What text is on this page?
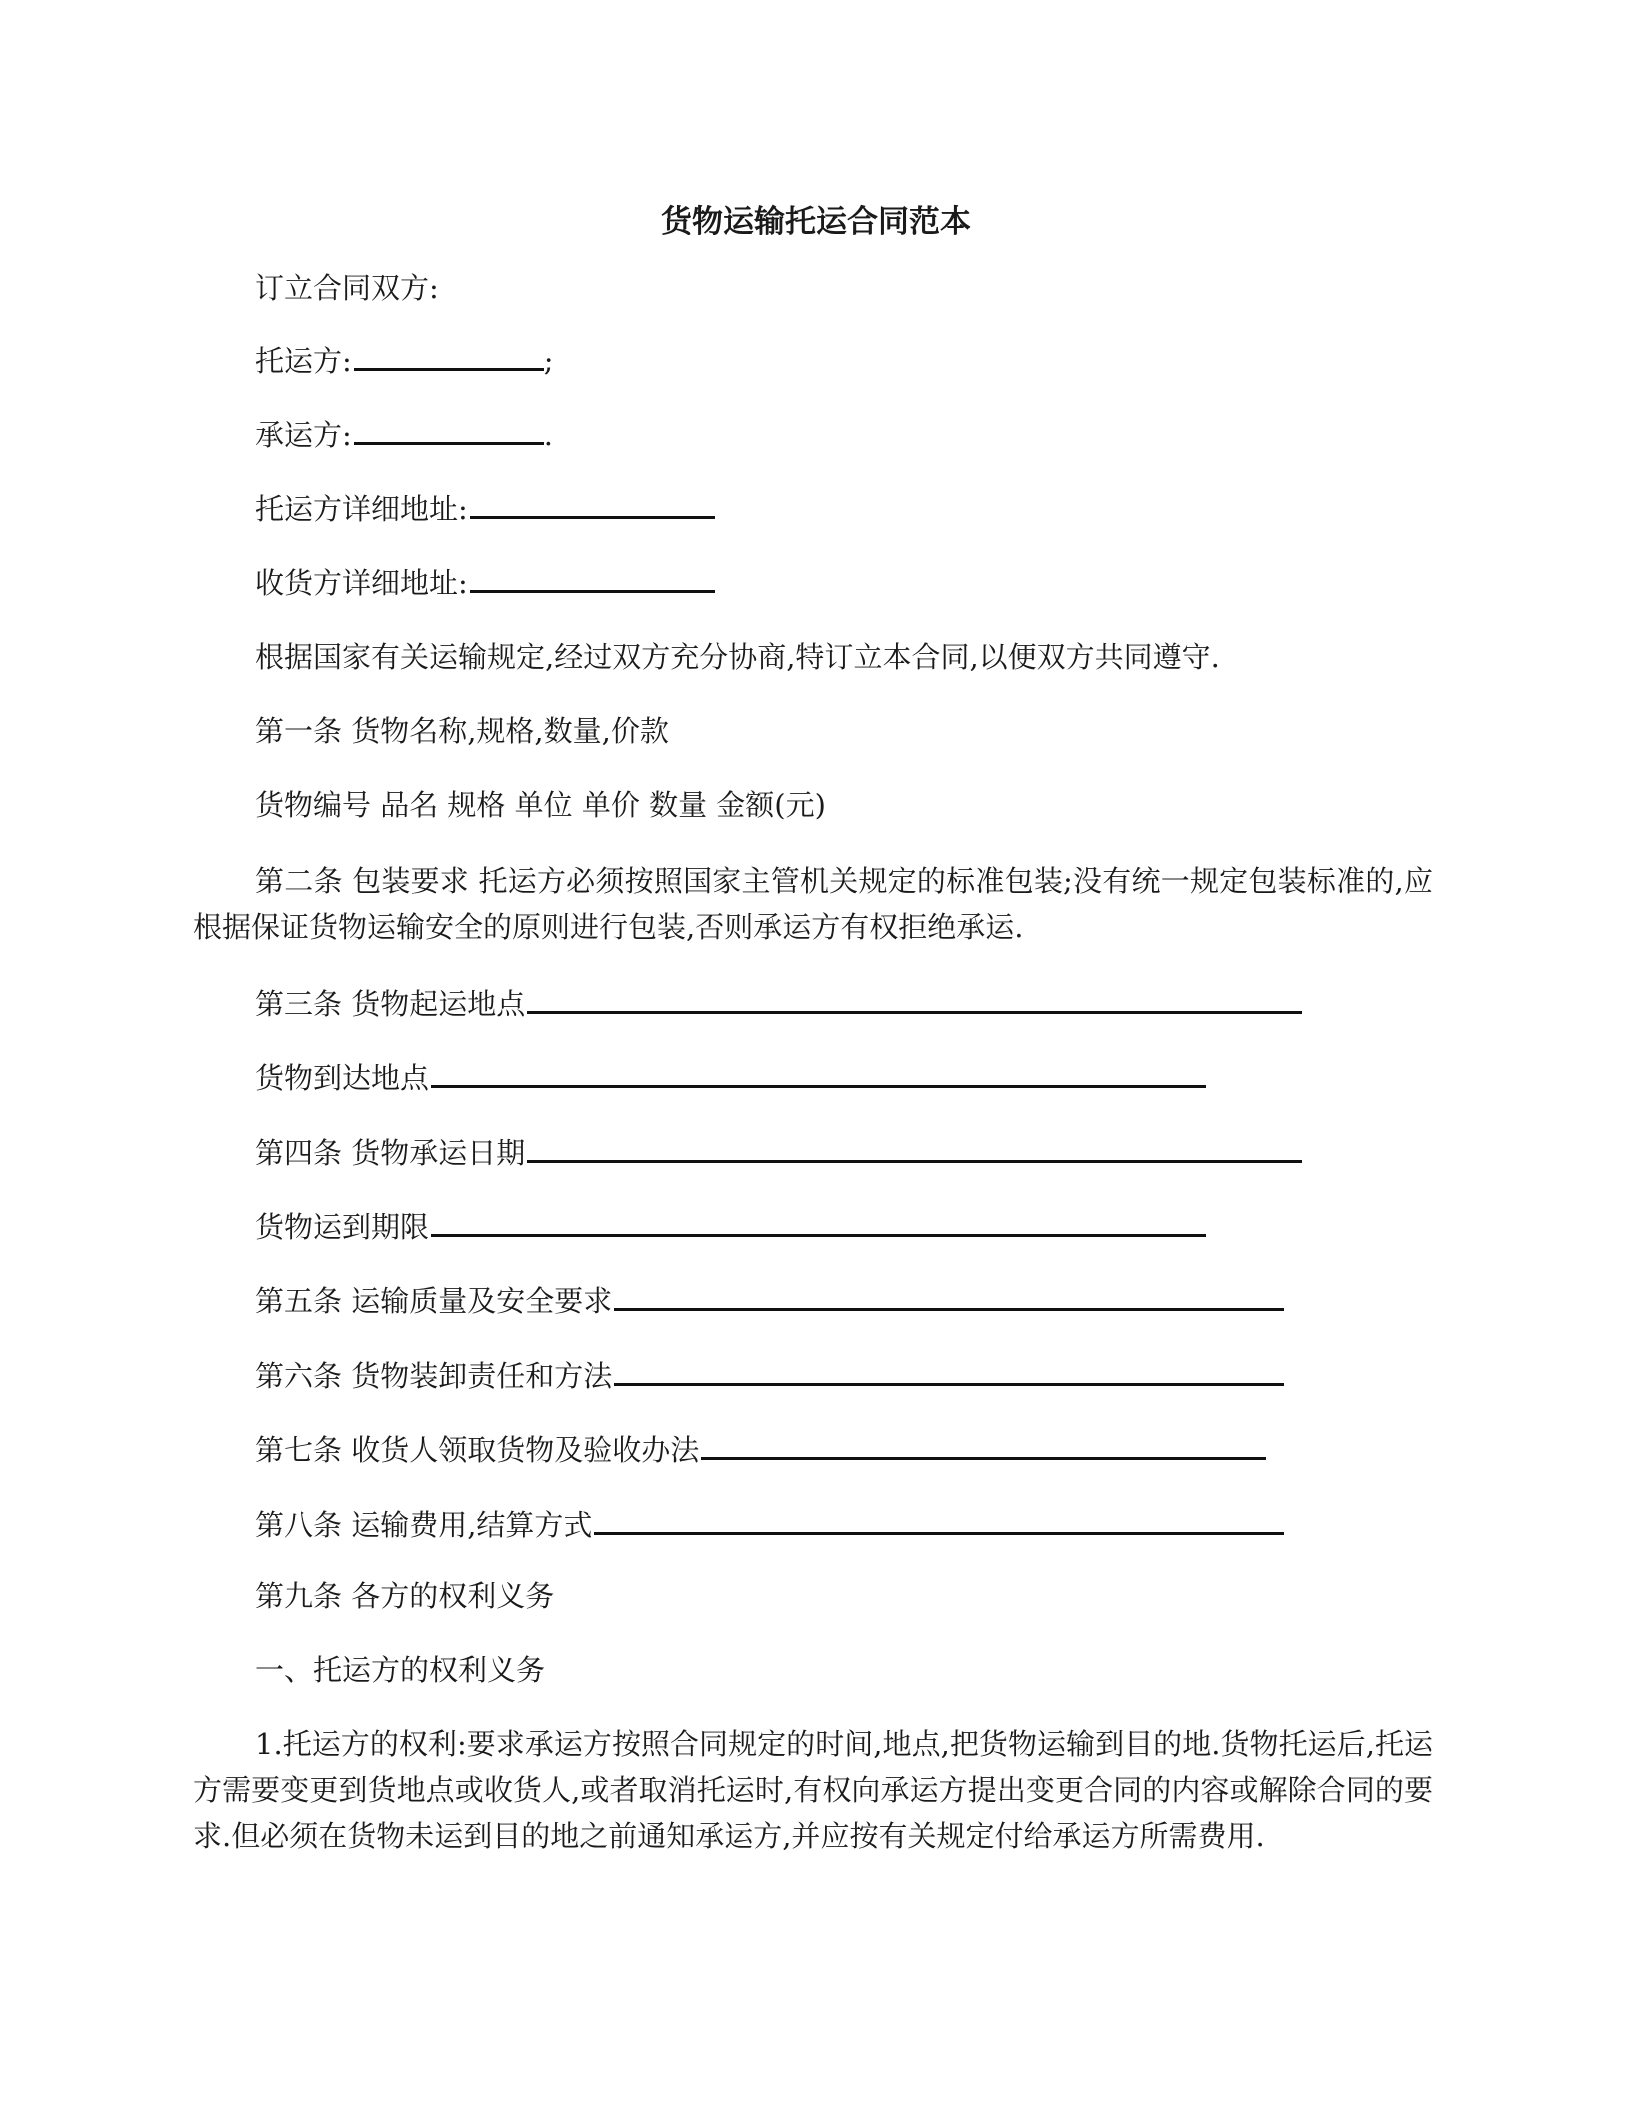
货物运输托运合同范本
订立合同双方:
托运方:	;
承运方:	.
托运方详细地址:
收货方详细地址:
根据国家有关运输规定,经过双方充分协商,特订立本合同,以便双方共同遵守.
第一条 货物名称,规格,数量,价款
货物编号 品名 规格 单位 单价 数量 金额(元)
第二条 包装要求 托运方必须按照国家主管机关规定的标准包装;没有统一规定包装标准的,应根据保证货物运输安全的原则进行包装,否则承运方有权拒绝承运.
第三条 货物起运地点
货物到达地点
第四条 货物承运日期
货物运到期限
第五条 运输质量及安全要求
第六条 货物装卸责任和方法
第七条 收货人领取货物及验收办法
第八条 运输费用,结算方式
第九条 各方的权利义务
一、托运方的权利义务
1.托运方的权利:要求承运方按照合同规定的时间,地点,把货物运输到目的地.货物托运后,托运方需要变更到货地点或收货人,或者取消托运时,有权向承运方提出变更合同的内容或解除合同的要求.但必须在货物未运到目的地之前通知承运方,并应按有关规定付给承运方所需费用.
